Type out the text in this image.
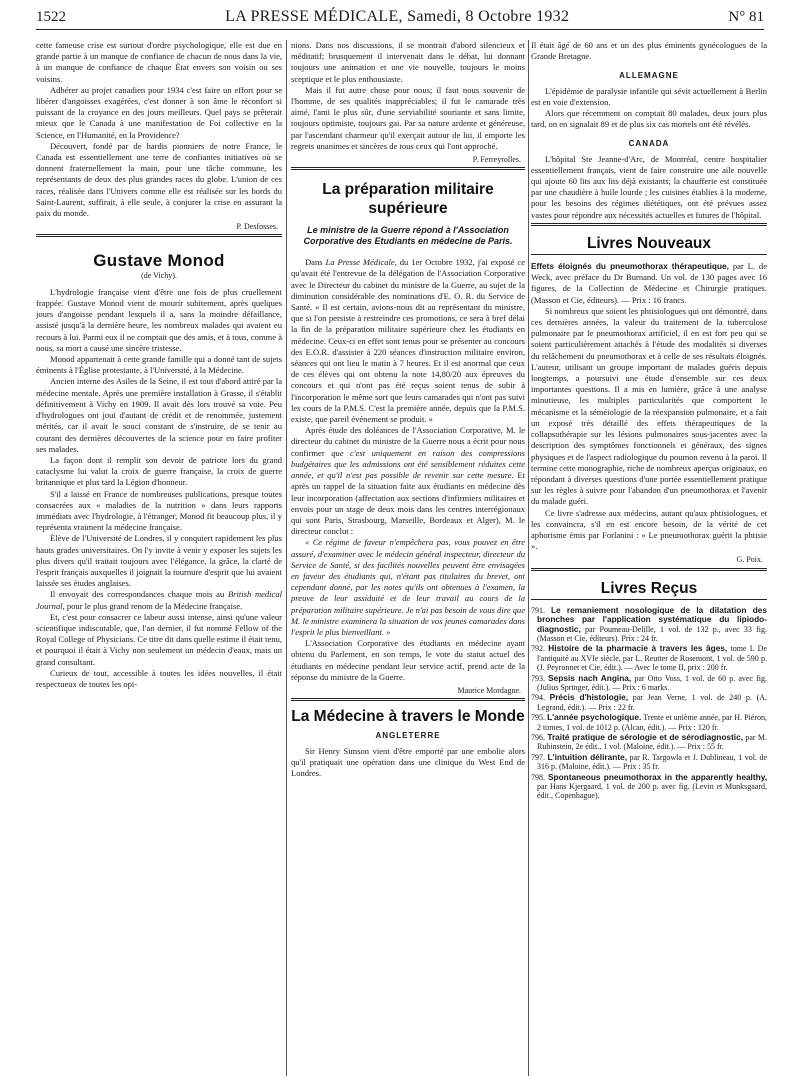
1522	LA PRESSE MÉDICALE, Samedi, 8 Octobre 1932	N° 81

cette fameuse crise est surtout d'ordre psychologique, elle est due en grande partie à un manque de confiance de chacun de nous dans la vie, à un manque de confiance de chaque État envers son voisin ou ses voisins.

Adhérer au projet canadien pour 1934 c'est faire un effort pour se libérer d'angoisses exagérées, c'est donner à son âme le réconfort si puissant de la croyance en des jours meilleurs. Quel pays se prêterait mieux que le Canada à une manifestation de Foi collective en la Science, en l'Humanité, en la Providence?

Découvert, fondé par de hardis pionniers de notre France, le Canada est essentiellement une terre de confiantes initiatives où se donnent fraternellement la main, pour une tâche commune, les représentants de deux des plus grandes races du globe. L'union de ces races, réalisée dans l'Univers comme elle est réalisée sur les bords du Saint-Laurent, suffirait, à elle seule, à conjurer la crise en assurant la paix du monde.

P. Desfosses.
Gustave Monod
(de Vichy).

L'hydrologie française vient d'être une fois de plus cruellement frappée. Gustave Monod vient de mourir subitement, après quelques jours d'angoisse pendant lesquels il a, sans la moindre défaillance, assisté jusqu'à la dernière heure, les nombreux malades qui avaient eu recours à lui. Parmi eux il ne comptait que des amis, et à tous, comme à nous, sa mort a causé une sincère tristesse.

Monod appartenait à cette grande famille qui a donné tant de sujets éminents à l'Église protestante, à l'Université, à la Médecine.

Ancien interne des Asiles de la Seine, il est tout d'abord attiré par la médecine mentale. Après une première installation à Grasse, il s'établit définitivement à Vichy en 1909. Il avait dès lors trouvé sa voie. Peu d'hydrologues ont joui d'autant de crédit et de renommée, justement mérités, car il avait le souci constant de s'instruire, de se tenir au courant des dernières découvertes de la science pour en faire profiter ses malades.

La façon dont il remplit son devoir de patriote lors du grand cataclysme lui valut la croix de guerre française, la croix de guerre britannique et plus tard la Légion d'honneur.

S'il a laissé en France de nombreuses publications, presque toutes consacrées aux « maladies de la nutrition » dans leurs rapports immédiats avec l'hydrologie, à l'étranger, Monod fit beaucoup plus, il y représenta vraiment la médecine française.

Élève de l'Université de Londres, il y conquiert rapidement les plus hauts grades universitaires. On l'y invite à venir y exposer les sujets les plus divers qu'il traitait toujours avec l'élégance, la grâce, la clarté de l'esprit français auxquelles il joignait la tournure d'esprit que lui avaient laissée ses études anglaises.

Il envoyait des correspondances chaque mois au British medical Journal, pour le plus grand renom de la Médecine française.

Et, c'est pour consacrer ce labeur aussi intense, ainsi qu'une valeur scientifique indiscutable, que, l'an dernier, il fut nommé Fellow of the Royal College of Physicians. Ce titre dit dans quelle estime il était tenu, et pourquoi il était à Vichy non seulement un médecin d'eaux, mais un grand consultant.

Curieux de tout, accessible à toutes les idées nouvelles, il était respectueux de toutes les opi-

nions. Dans nos discussions, il se montrait d'abord silencieux et méditatif; brusquement il intervenait dans le débat, lui donnant toujours une animation et une vie nouvelle, toujours le moins sceptique et le plus enthousiaste.

Mais il fut autre chose pour nous; il faut nous souvenir de l'homme, de ses qualités inappréciables; il fut le camarade très aimé, l'ami le plus sûr, d'une serviabilité souriante et sans limite, toujours optimiste, toujours gai. Par sa nature ardente et généreuse, par l'ascendant charmeur qu'il exerçait autour de lui, il emporte les regrets unanimes et sincères de tous ceux qui l'ont approché.

P. Ferreyrolles.
La préparation militaire supérieure
Le ministre de la Guerre répond à l'Association Corporative des Etudiants en médecine de Paris.

Dans La Presse Médicale, du 1er Octobre 1932, j'ai exposé ce qu'avait été l'entrevue de la délégation de l'Association Corporative avec le Directeur du cabinet du ministre de la Guerre, au sujet de la diminution considérable des nominations d'E. O. R. du Service de Santé. « Il est certain, avions-nous dit au représentant du ministre, que si l'on persiste à restreindre ces promotions, ce sera à bref délai la fin de la préparation militaire supérieure chez les étudiants en médecine. Ceux-ci en effet sont tenus pour se présenter au concours des E.O.R. d'assister à 220 séances d'instruction militaire environ, séances qui ont lieu le matin à 7 heures. Et il est anormal que ceux de ces élèves qui ont obtenu la note 14,80/20 aux épreuves du concours et qui n'ont pas été reçus soient tenus de subir à l'incorporation le même sort que leurs camarades qui n'ont pas suivi les cours de la P.M.S. C'est la première année, depuis que la P.M.S. existe, que pareil événement se produit. »

Après étude des doléances de l'Association Corporative, M. le directeur du cabinet du ministre de la Guerre nous a écrit pour nous confirmer que c'est uniquement en raison des compressions budgétaires que les admissions ont été sensiblement réduites cette année, et qu'il n'est pas possible de revenir sur cette mesure. Et après un rappel de la situation faite aux étudiants en médecine dès leur incorporation (affectation aux sections d'infirmiers militaires et envois pour un stage de deux mois dans les centres interrégionaux qui sont Paris, Strasbourg, Marseille, Bordeaux et Alger), M. le directeur conclut :

« Ce régime de faveur n'empêchera pas, vous pouvez en être assuré, d'examiner avec le médecin général inspecteur, directeur du Service de Santé, si des facilités nouvelles peuvent être envisagées en faveur des étudiants qui, n'étant pas titulaires du brevet, ont cependant donné, par les notes qu'ils ont obtenues à l'examen, la preuve de leur assiduité et de leur travail au cours de la préparation militaire supérieure. Je n'ai pas besoin de vous dire que M. le ministre examinera la situation de vos jeunes camarades dans l'esprit le plus bienveillant. »

L'Association Corporative des étudiants en médecine ayant obtenu du Parlement, en son temps, le vote du statut actuel des étudiants en médecine pendant leur service actif, prend acte de la réponse du ministre de la Guerre.

Maurice Mordagne.
La Médecine à travers le Monde
ANGLETERRE

Sir Henry Simson vient d'être emporté par une embolie alors qu'il pratiquait une opération dans une clinique du West End de Londres.

Il était âgé de 60 ans et un des plus éminents gynécologues de la Grande Bretagne.

ALLEMAGNE

L'épidémie de paralysie infantile qui sévit actuellement à Berlin est en voie d'extension.

Alors que récemment on comptait 80 malades, deux jours plus tard, on en signalait 89 et de plus six cas mortels ont été révélés.

CANADA

L'hôpital Ste Jeanne-d'Arc, de Montréal, centre hospitalier essentiellement français, vient de faire construire une aile nouvelle qui ajoute 60 lits aux lits déjà existants; la chaufferie est constituée par une chaudière à huile lourde ; les cuisines établies à la moderne, pour les besoins des régimes diététiques, ont été prévues assez vastes pour répondre aux nécessités actuelles et futures de l'hôpital.

Livres Nouveaux

Effets éloignés du pneumothorax thérapeutique, par L. de Weck, avec préface du Dr Burnand. Un vol. de 130 pages avec 16 figures, de la Collection de Médecine et Chirurgie pratiques. (Masson et Cie, éditeurs). — Prix : 16 francs.

Si nombreux que soient les phtisiologues qui ont démontré, dans ces dernières années, la valeur du traitement de la tuberculose pulmonaire par le pneumothorax artificiel, il en est fort peu qui se soient particulièrement attachés à l'étude des modalités si diverses du relâchement du pneumothorax et à celle de ses résultats éloignés. L'auteur, utilisant un groupe important de malades guéris depuis longtemps, a poursuivi une étude d'ensemble sur ces deux importantes questions. Il a mis en lumière, grâce à une analyse minutieuse, les multiples particularités que comportent le mécanisme et la séméiologie de la réexpansion pulmonaire, et a fait un exposé très détaillé des effets thérapeutiques de la collapsothérapie sur les lésions pulmonaires sous-jacentes avec la description des symptômes fonctionnels et généraux, des signes physiques et de l'aspect radiologique du poumon revenu à la paroi. Il termine cette monographie, riche de nombreux aperçus originaux, en répondant à diverses questions d'une portée essentiellement pratique sur les règles à suivre pour l'abandon d'un pneumothorax et l'avenir du malade guéri.

Ce livre s'adresse aux médecins, autant qu'aux phtisiologues, et les convaincra, s'il en est encore besoin, de la vérité de cet aphorisme émis par Forlanini : « Le pneumothorax guérit la phtisie ».

G. Poix.
Livres Reçus

791. Le remaniement nosologique de la dilatation des bronches par l'application systématique du lipiodo-diagnostic, par Poumeau-Delille, 1 vol. de 132 p., avec 33 fig. (Masson et Cie, éditeurs). Prix : 24 fr.

792. Histoire de la pharmacie à travers les âges, tome I. De l'antiquité au XVIe siècle, par L. Reutter de Rosemont, 1 vol. de 590 p. (J. Peyronnet et Cie, édit.). — Avec le tome II, prix : 200 fr.

793. Sepsis nach Angina, par Otto Voss, 1 vol. de 60 p. avec fig. (Julius Springer, édit.). — Prix : 6 marks.

794. Précis d'histologie, par Jean Verne, 1 vol. de 240 p. (A. Legrand, édit.). — Prix : 22 fr.

795. L'année psychologique. Trente et unième année, par H. Piéron, 2 tomes, 1 vol. de 1012 p. (Alcan, édit.). — Prix : 120 fr.

796. Traité pratique de sérologie et de sérodiagnostic, par M. Rubinstein, 2e édit., 1 vol. (Maloine, édit.). — Prix : 55 fr.

797. L'intuition délirante, par R. Targowla et J. Dublineau, 1 vol. de 316 p. (Maloine, édit.). — Prix : 35 fr.

798. Spontaneous pneumothorax in the apparently healthy, par Hans Kjergaard, 1 vol. de 200 p. avec fig. (Levin et Munksgaard, édit., Copenhague).
